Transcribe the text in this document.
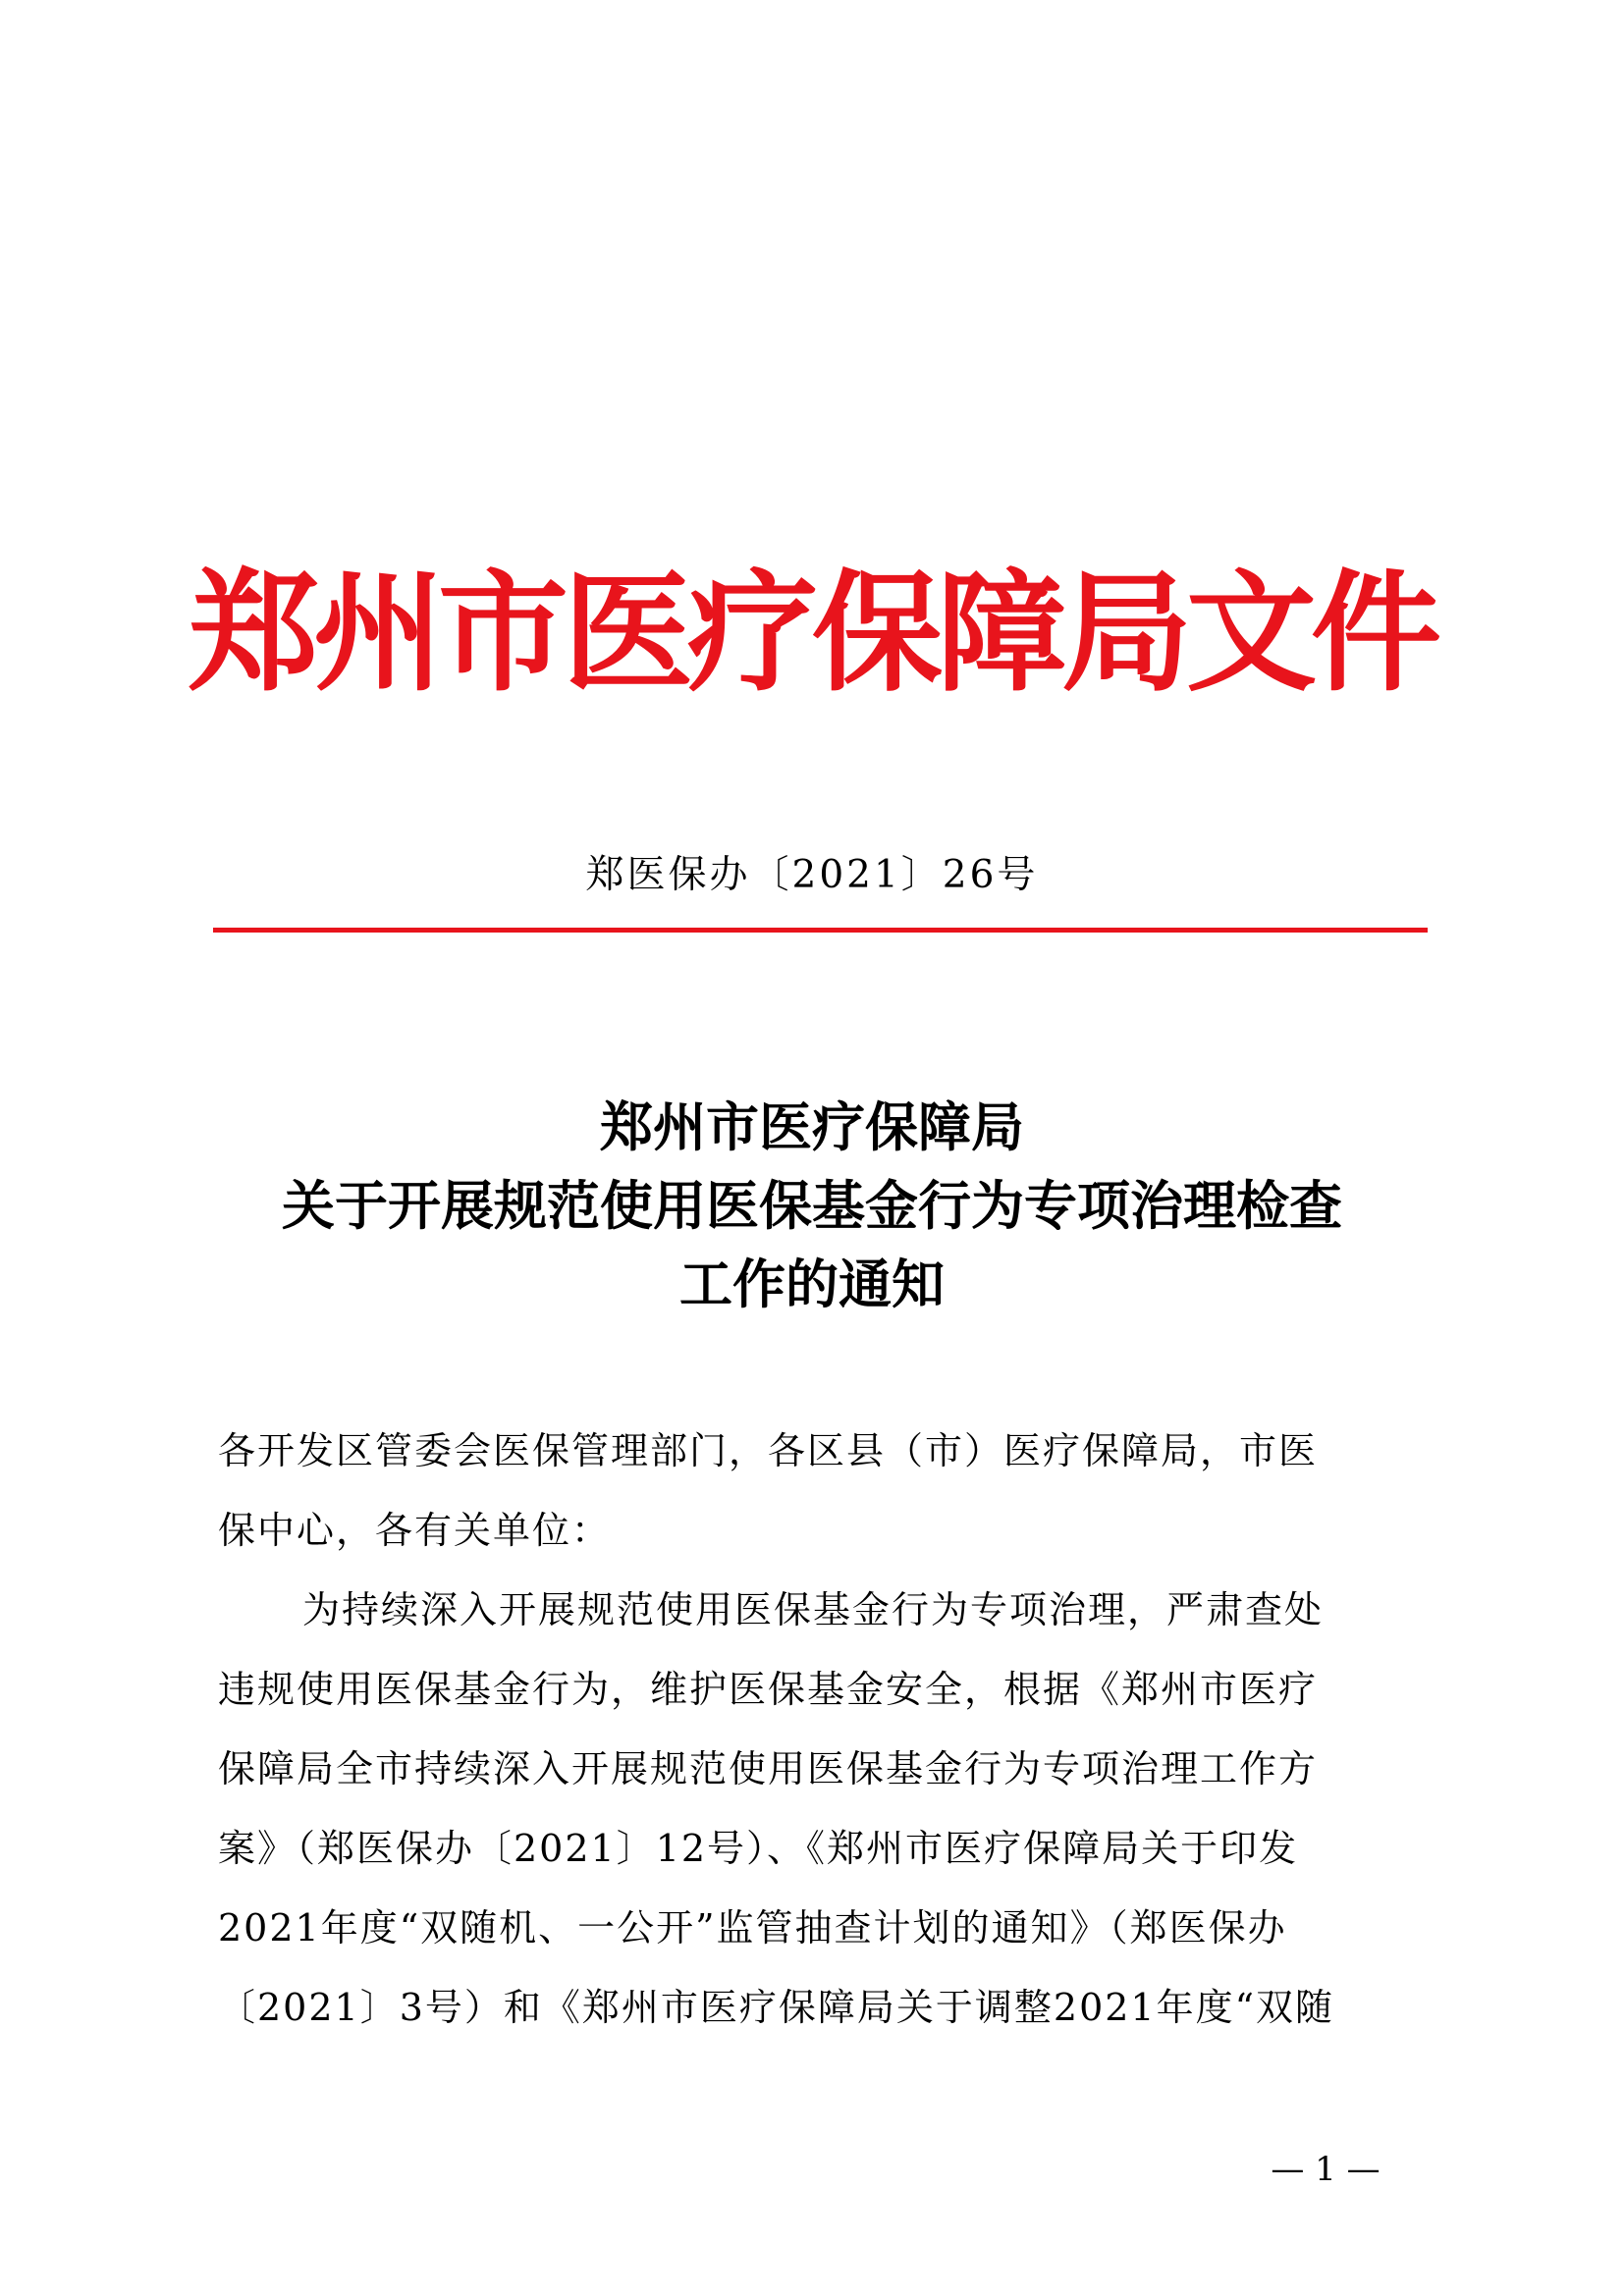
郑州市医疗保障局文件
郑医保办〔2021〕26号
郑州市医疗保障局
关于开展规范使用医保基金行为专项治理检查
工作的通知
各开发区管委会医保管理部门，各区县（市）医疗保障局，市医
保中心，各有关单位：
为持续深入开展规范使用医保基金行为专项治理，严肃查处
违规使用医保基金行为，维护医保基金安全，根据《郑州市医疗
保障局全市持续深入开展规范使用医保基金行为专项治理工作方
案》（郑医保办〔2021〕12号）、《郑州市医疗保障局关于印发
2021年度“双随机、一公开”监管抽查计划的通知》（郑医保办
〔2021〕3号）和《郑州市医疗保障局关于调整2021年度“双随
— 1 —
